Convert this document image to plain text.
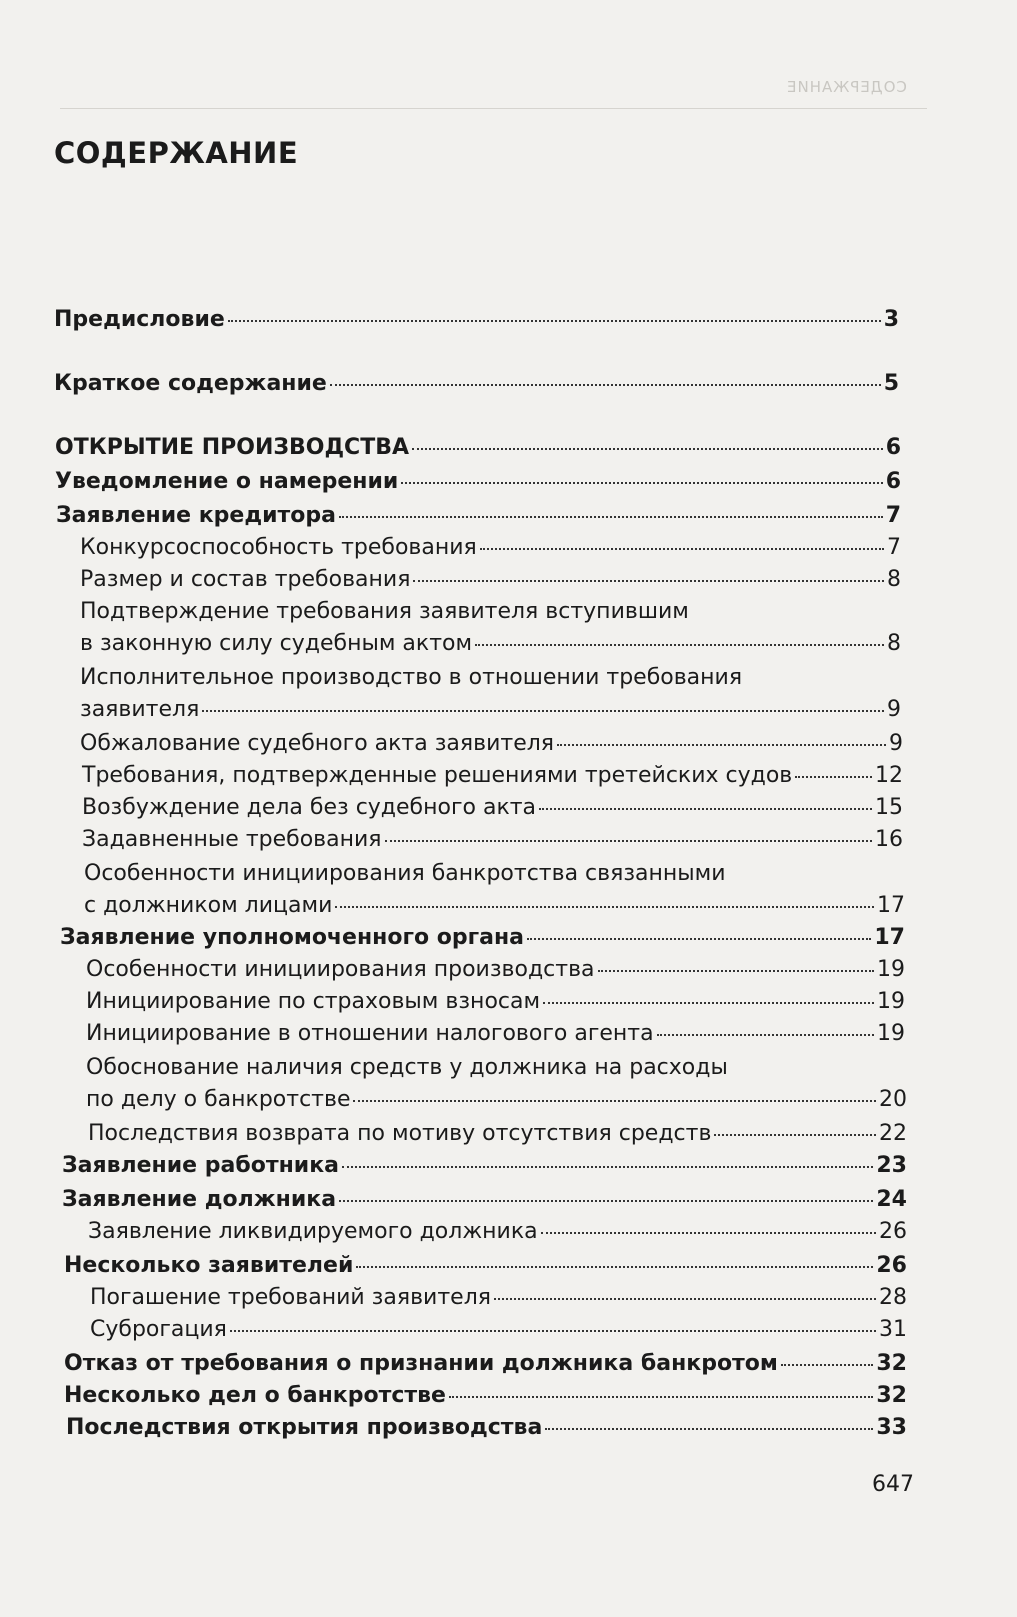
СОДЕРЖАНИЕ
СОДЕРЖАНИЕ
Предисловие	3
Краткое содержание	5
ОТКРЫТИЕ ПРОИЗВОДСТВА	6
Уведомление о намерении	6
Заявление кредитора	7
Конкурсоспособность требования	7
Размер и состав требования	8
Подтверждение требования заявителя вступившим
в законную силу судебным актом	8
Исполнительное производство в отношении требования
заявителя	9
Обжалование судебного акта заявителя	9
Требования, подтвержденные решениями третейских судов	12
Возбуждение дела без судебного акта	15
Задавненные требования	16
Особенности инициирования банкротства связанными
с должником лицами	17
Заявление уполномоченного органа	17
Особенности инициирования производства	19
Инициирование по страховым взносам	19
Инициирование в отношении налогового агента	19
Обоснование наличия средств у должника на расходы
по делу о банкротстве	20
Последствия возврата по мотиву отсутствия средств	22
Заявление работника	23
Заявление должника	24
Заявление ликвидируемого должника	26
Несколько заявителей	26
Погашение требований заявителя	28
Суброгация	31
Отказ от требования о признании должника банкротом	32
Несколько дел о банкротстве	32
Последствия открытия производства	33
647
